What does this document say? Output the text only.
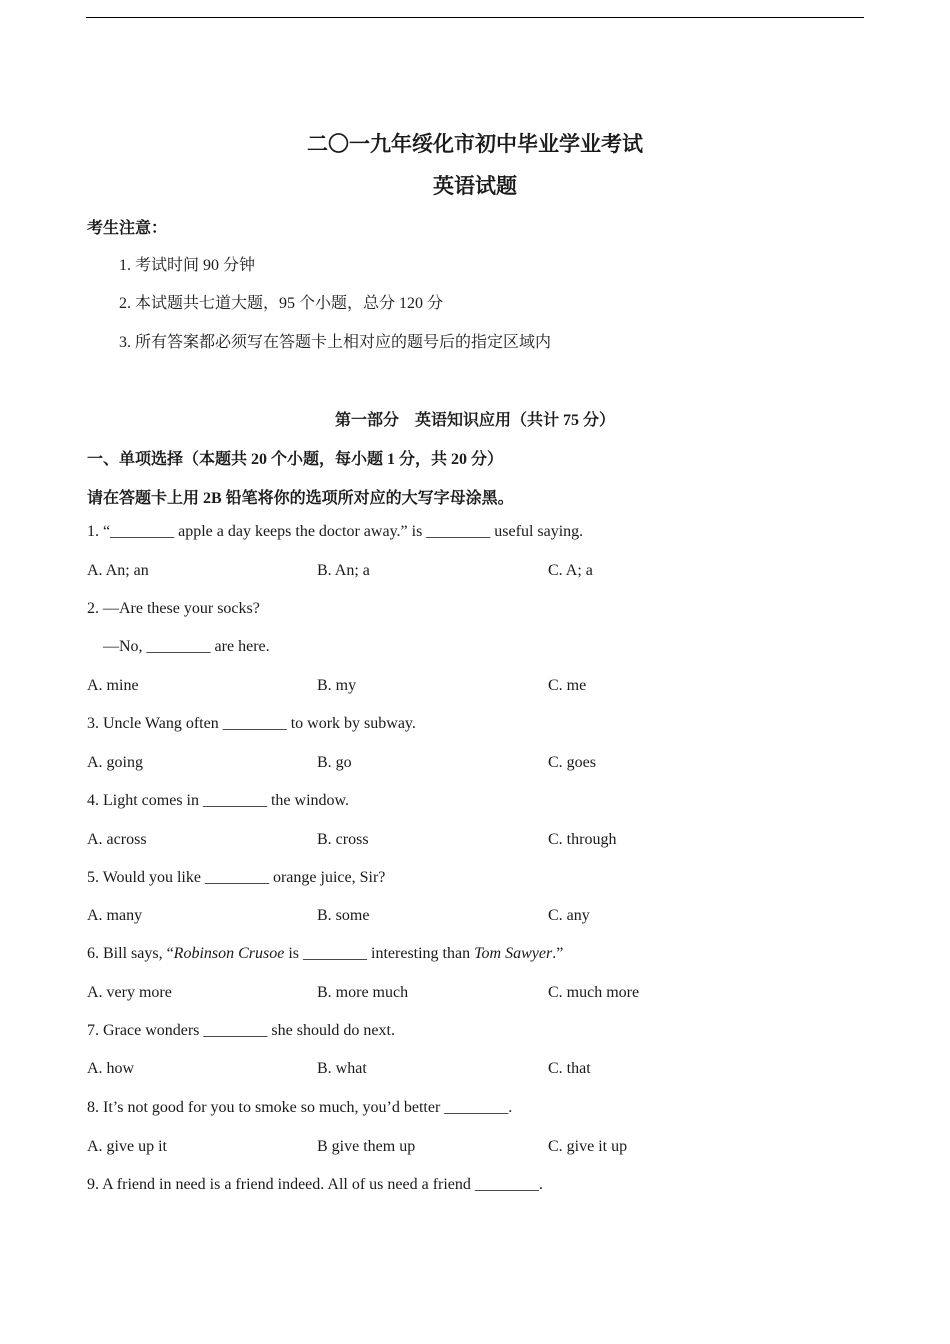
二〇一九年绥化市初中毕业学业考试
英语试题
考生注意：
1. 考试时间 90 分钟
2. 本试题共七道大题，95 个小题，总分 120 分
3. 所有答案都必须写在答题卡上相对应的题号后的指定区域内
第一部分　英语知识应用（共计 75 分）
一、单项选择（本题共 20 个小题，每小题 1 分，共 20 分）
请在答题卡上用 2B 铅笔将你的选项所对应的大写字母涂黑。
1. “________ apple a day keeps the doctor away.” is ________ useful saying.
A. An; an	B. An; a	C. A; a
2. —Are these your socks?
—No, ________ are here.
A. mine	B. my	C. me
3. Uncle Wang often ________ to work by subway.
A. going	B. go	C. goes
4. Light comes in ________ the window.
A. across	B. cross	C. through
5. Would you like ________ orange juice, Sir?
A. many	B. some	C. any
6. Bill says, “Robinson Crusoe is ________ interesting than Tom Sawyer.”
A. very more	B. more much	C. much more
7. Grace wonders ________ she should do next.
A. how	B. what	C. that
8. It’s not good for you to smoke so much, you’d better ________.
A. give up it	B give them up	C. give it up
9. A friend in need is a friend indeed. All of us need a friend ________.
